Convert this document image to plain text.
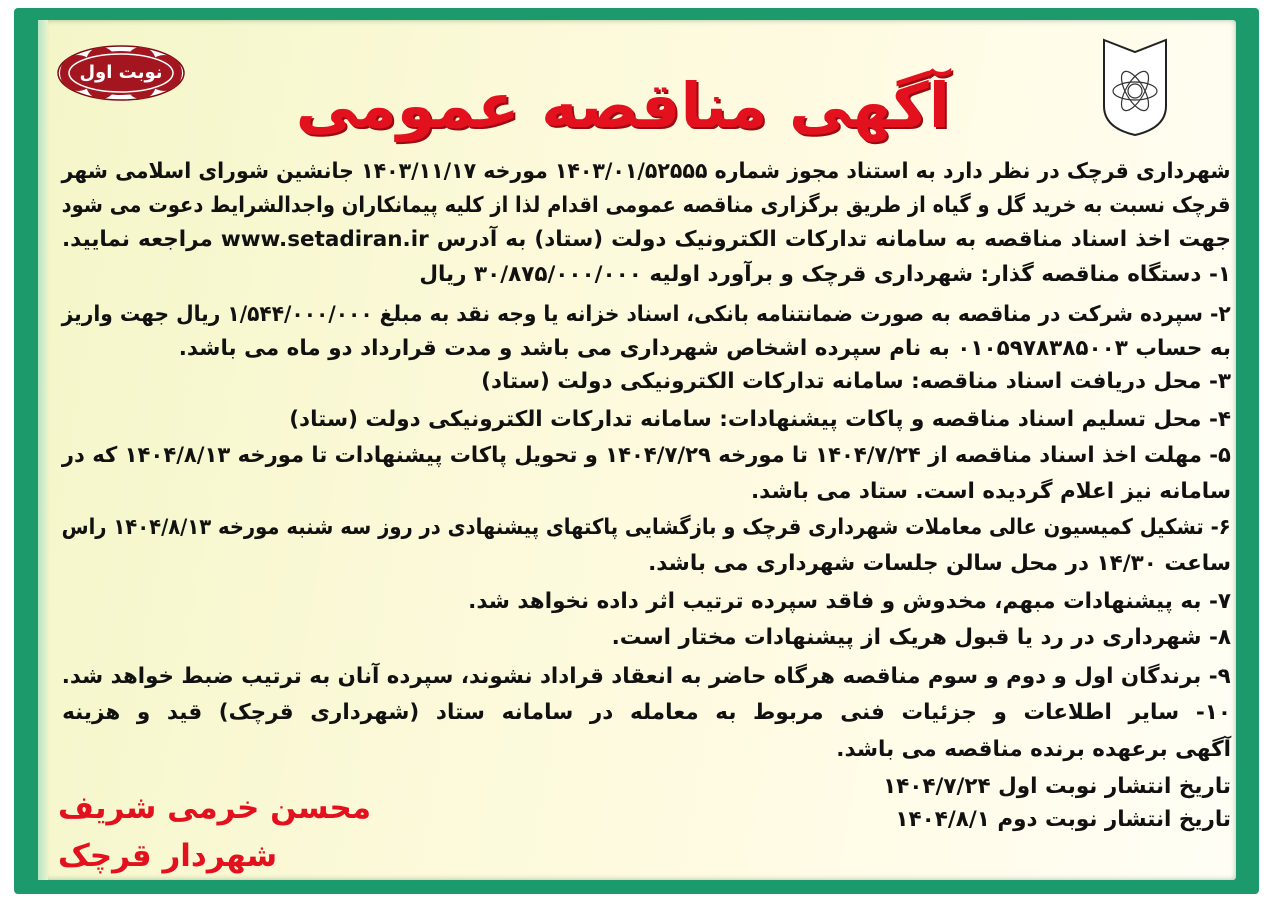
نوبت اول	آگهی مناقصه عمومی
شهرداری قرچک در نظر دارد به استناد مجوز شماره ۱۴۰۳/۰۱/۵۲۵۵۵ مورخه ۱۴۰۳/۱۱/۱۷ جانشین شورای اسلامی شهر
قرچک نسبت به خرید گل و گیاه از طریق برگزاری مناقصه عمومی اقدام لذا از کلیه پیمانکاران واجدالشرایط دعوت می شود
جهت اخذ اسناد مناقصه به سامانه تدارکات الکترونیک دولت (ستاد) به آدرس www.setadiran.ir مراجعه نمایید.
۱- دستگاه مناقصه گذار: شهرداری قرچک و برآورد اولیه ۳۰/۸۷۵/۰۰۰/۰۰۰ ریال
۲- سپرده شرکت در مناقصه به صورت ضمانتنامه بانکی، اسناد خزانه یا وجه نقد به مبلغ ۱/۵۴۴/۰۰۰/۰۰۰ ریال جهت واریز
به حساب ۰۱۰۵۹۷۸۳۸۵۰۰۳ به نام سپرده اشخاص شهرداری می باشد و مدت قرارداد دو ماه می باشد.
۳- محل دریافت اسناد مناقصه: سامانه تدارکات الکترونیکی دولت (ستاد)
۴- محل تسلیم اسناد مناقصه و پاکات پیشنهادات: سامانه تدارکات الکترونیکی دولت (ستاد)
۵- مهلت اخذ اسناد مناقصه از ۱۴۰۴/۷/۲۴ تا مورخه ۱۴۰۴/۷/۲۹ و تحویل پاکات پیشنهادات تا مورخه ۱۴۰۴/۸/۱۳ که در
سامانه نیز اعلام گردیده است. ستاد می باشد.
۶- تشکیل کمیسیون عالی معاملات شهرداری قرچک و بازگشایی پاکتهای پیشنهادی در روز سه شنبه مورخه ۱۴۰۴/۸/۱۳ راس
ساعت ۱۴/۳۰ در محل سالن جلسات شهرداری می باشد.
۷- به پیشنهادات مبهم، مخدوش و فاقد سپرده ترتیب اثر داده نخواهد شد.
۸- شهرداری در رد یا قبول هریک از پیشنهادات مختار است.
۹- برندگان اول و دوم و سوم مناقصه هرگاه حاضر به انعقاد قراداد نشوند، سپرده آنان به ترتیب ضبط خواهد شد.
۱۰- سایر اطلاعات و جزئیات فنی مربوط به معامله در سامانه ستاد (شهرداری قرچک) قید و هزینه
آگهی برعهده برنده مناقصه می باشد.
تاریخ انتشار نوبت اول ۱۴۰۴/۷/۲۴
تاریخ انتشار نوبت دوم ۱۴۰۴/۸/۱
محسن خرمی شریف
شهردار قرچک
